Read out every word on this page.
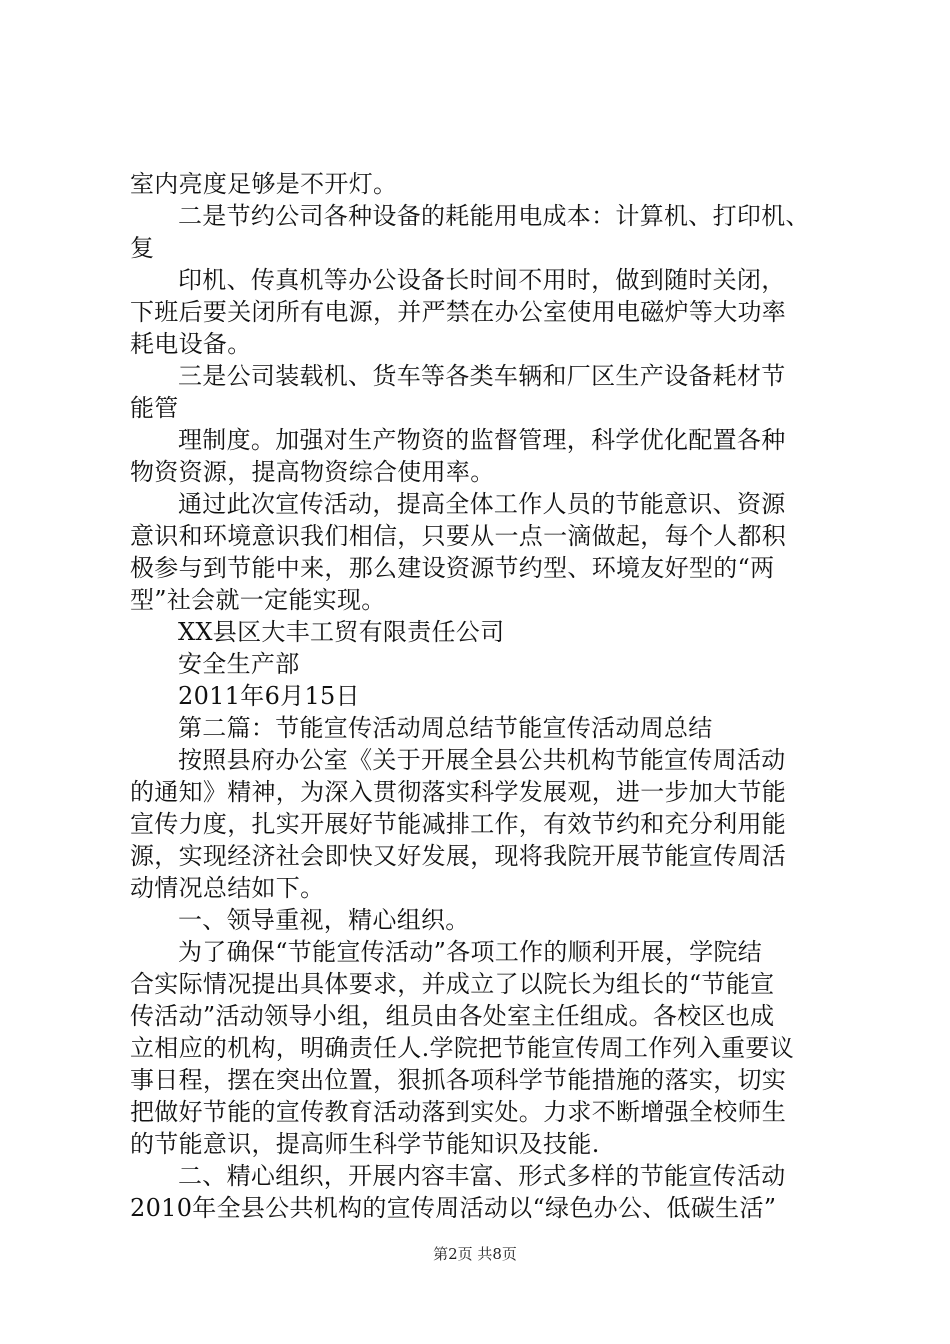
室内亮度足够是不开灯。
二是节约公司各种设备的耗能用电成本：计算机、打印机、
复
印机、传真机等办公设备长时间不用时，做到随时关闭，
下班后要关闭所有电源，并严禁在办公室使用电磁炉等大功率
耗电设备。
三是公司装载机、货车等各类车辆和厂区生产设备耗材节
能管
理制度。加强对生产物资的监督管理，科学优化配置各种
物资资源，提高物资综合使用率。
通过此次宣传活动，提高全体工作人员的节能意识、资源
意识和环境意识我们相信，只要从一点一滴做起，每个人都积
极参与到节能中来，那么建设资源节约型、环境友好型的“两
型”社会就一定能实现。
XX县区大丰工贸有限责任公司
安全生产部
2011年6月15日
第二篇：节能宣传活动周总结节能宣传活动周总结
按照县府办公室《关于开展全县公共机构节能宣传周活动
的通知》精神，为深入贯彻落实科学发展观，进一步加大节能
宣传力度，扎实开展好节能减排工作，有效节约和充分利用能
源，实现经济社会即快又好发展，现将我院开展节能宣传周活
动情况总结如下。
一、领导重视，精心组织。
为了确保“节能宣传活动”各项工作的顺利开展，学院结
合实际情况提出具体要求，并成立了以院长为组长的“节能宣
传活动”活动领导小组，组员由各处室主任组成。各校区也成
立相应的机构，明确责任人.学院把节能宣传周工作列入重要议
事日程，摆在突出位置，狠抓各项科学节能措施的落实，切实
把做好节能的宣传教育活动落到实处。力求不断增强全校师生
的节能意识，提高师生科学节能知识及技能.
二、精心组织，开展内容丰富、形式多样的节能宣传活动
2010年全县公共机构的宣传周活动以“绿色办公、低碳生活”
第2页 共8页
